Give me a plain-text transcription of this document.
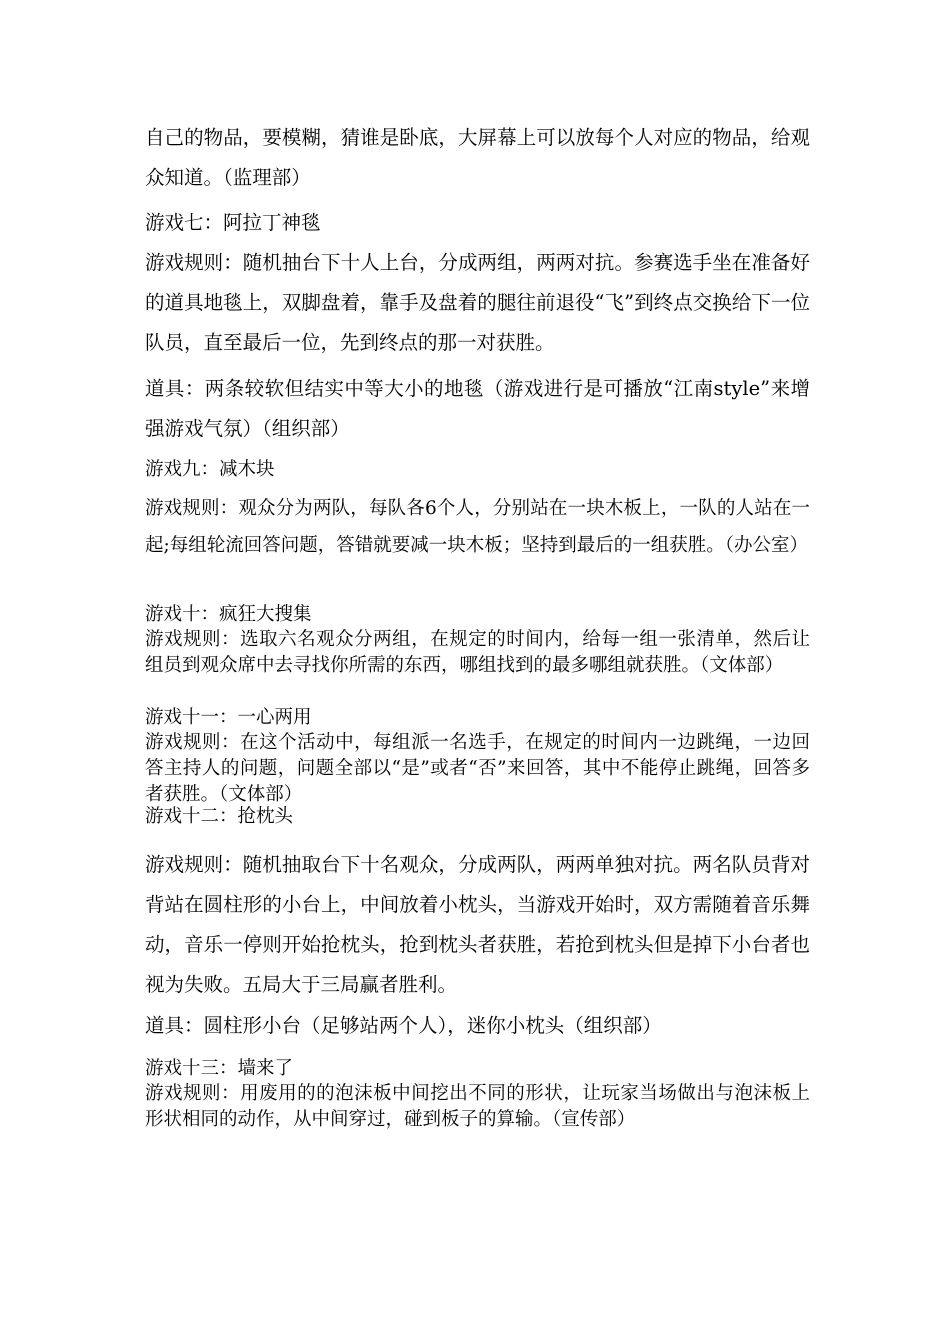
自己的物品，要模糊，猜谁是卧底，大屏幕上可以放每个人对应的物品，给观众知道。（监理部）

游戏七：阿拉丁神毯

游戏规则：随机抽台下十人上台，分成两组，两两对抗。参赛选手坐在准备好的道具地毯上，双脚盘着，靠手及盘着的腿往前退役“飞”到终点交换给下一位队员，直至最后一位，先到终点的那一对获胜。

道具：两条较软但结实中等大小的地毯（游戏进行是可播放“江南style”来增强游戏气氛）（组织部）

游戏九：减木块

游戏规则：观众分为两队，每队各6个人，分别站在一块木板上，一队的人站在一起;每组轮流回答问题，答错就要减一块木板；坚持到最后的一组获胜。（办公室）

游戏十：疯狂大搜集

游戏规则：选取六名观众分两组，在规定的时间内，给每一组一张清单，然后让组员到观众席中去寻找你所需的东西，哪组找到的最多哪组就获胜。（文体部）

游戏十一：一心两用

游戏规则：在这个活动中，每组派一名选手，在规定的时间内一边跳绳，一边回答主持人的问题，问题全部以“是”或者“否”来回答，其中不能停止跳绳，回答多者获胜。（文体部）

游戏十二：抢枕头

游戏规则：随机抽取台下十名观众，分成两队，两两单独对抗。两名队员背对背站在圆柱形的小台上，中间放着小枕头，当游戏开始时，双方需随着音乐舞动，音乐一停则开始抢枕头，抢到枕头者获胜，若抢到枕头但是掉下小台者也视为失败。五局大于三局赢者胜利。

道具：圆柱形小台（足够站两个人），迷你小枕头（组织部）

游戏十三：墙来了

游戏规则：用废用的的泡沫板中间挖出不同的形状，让玩家当场做出与泡沫板上形状相同的动作，从中间穿过，碰到板子的算输。（宣传部）
